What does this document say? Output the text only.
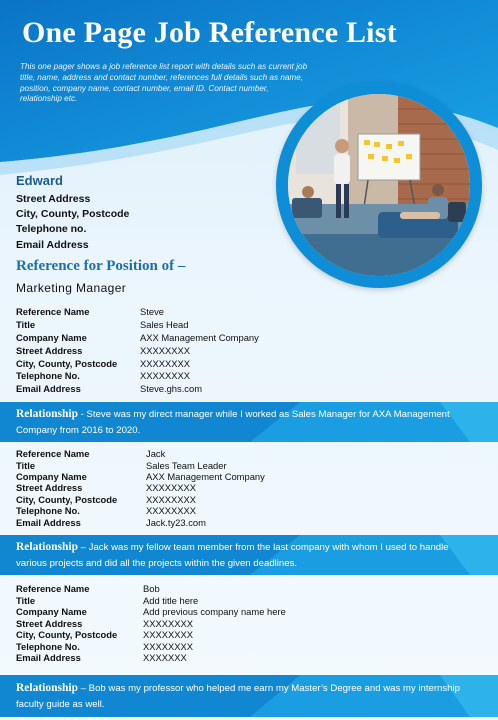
One Page Job Reference List

This one pager shows a job reference list report with details such as current job title, name, address and contact number, references full details such as name, position, company name, contact number, email ID. Contact number, relationship etc.

Edward
Street Address
City, County, Postcode
Telephone no.
Email Address
Reference for Position of –

Marketing Manager

Reference Name	Steve
Title	Sales Head
Company Name	AXX Management Company
Street Address	XXXXXXXX
City, County, Postcode	XXXXXXXX
Telephone No.	XXXXXXXX
Email Address	Steve.ghs.com

Relationship - Steve was my direct manager while I worked as Sales Manager for AXA Management Company from 2016 to 2020.

Reference Name	Jack
Title	Sales Team Leader
Company Name	AXX Management Company
Street Address	XXXXXXXX
City, County, Postcode	XXXXXXXX
Telephone No.	XXXXXXXX
Email Address	Jack.ty23.com

Relationship – Jack was my fellow team member from the last company with whom I used to handle various projects and did all the projects within the given deadlines.

Reference Name	Bob
Title	Add title here
Company Name	Add previous company name here
Street Address	XXXXXXXX
City, County, Postcode	XXXXXXXX
Telephone No.	XXXXXXXX
Email Address	XXXXXXX

Relationship – Bob was my professor who helped me earn my Master’s Degree and was my internship faculty guide as well.
